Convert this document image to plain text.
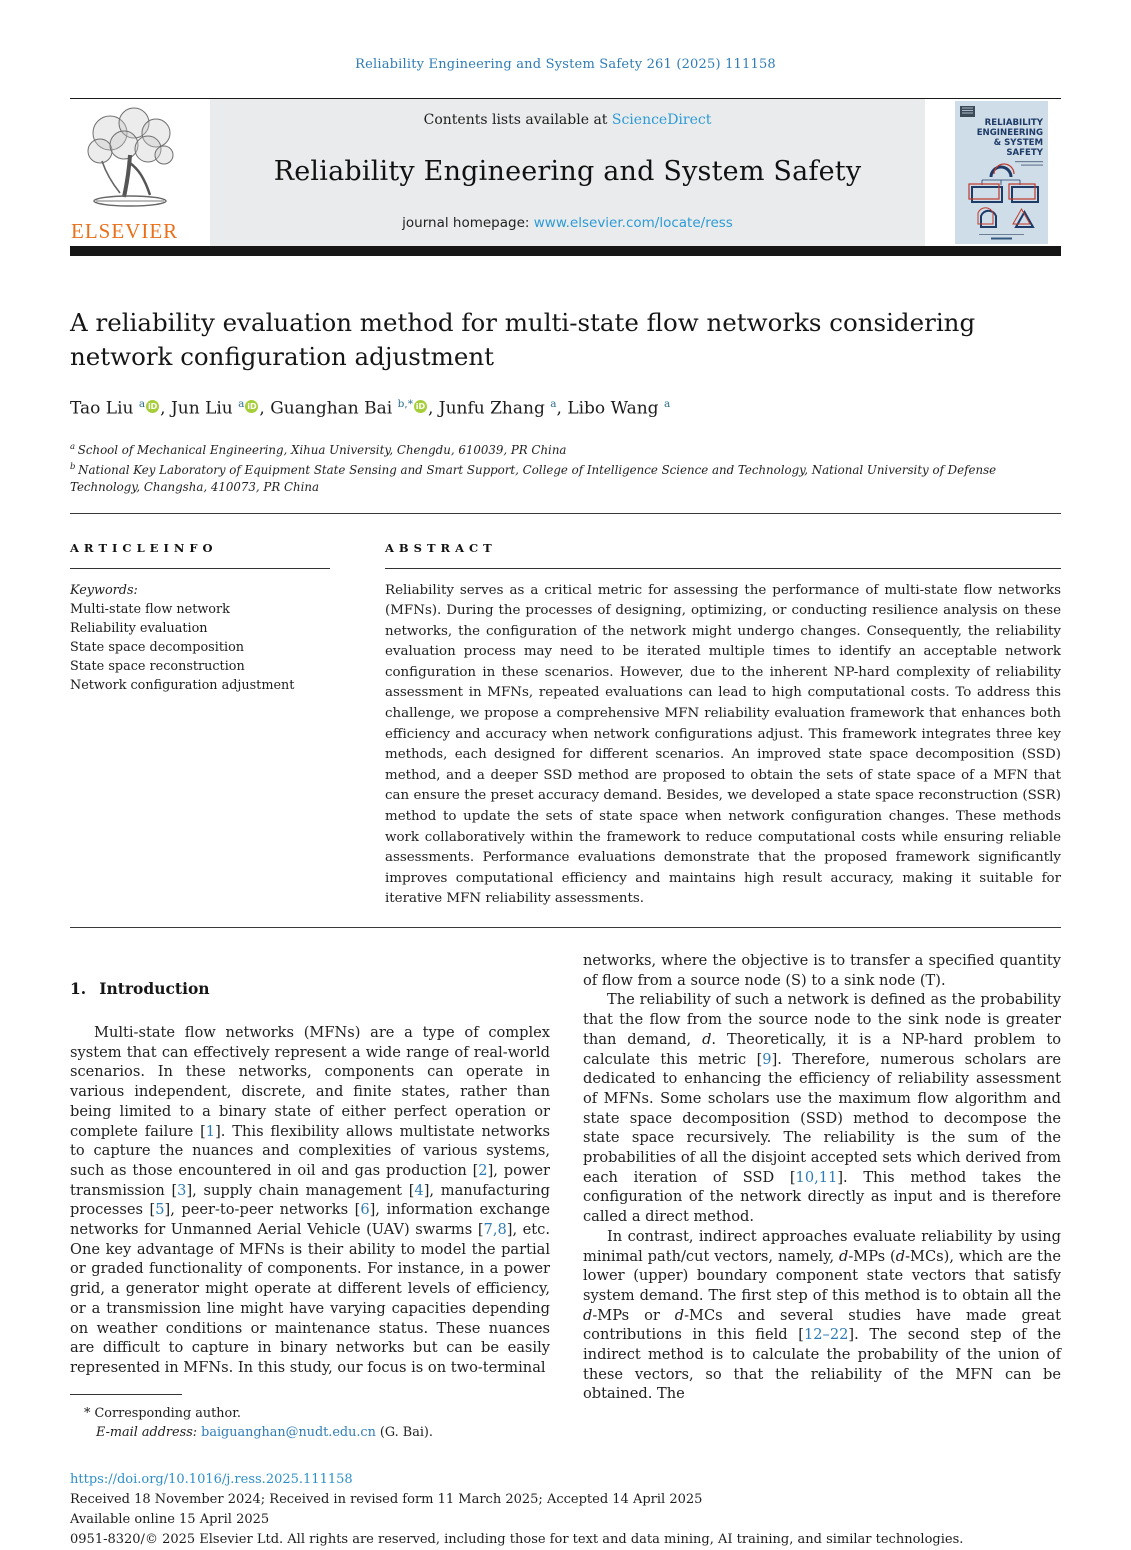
Reliability Engineering and System Safety 261 (2025) 111158
ELSEVIER
Contents lists available at ScienceDirect
Reliability Engineering and System Safety
journal homepage: www.elsevier.com/locate/ress
RELIABILITY
ENGINEERING
& SYSTEM
SAFETY
A reliability evaluation method for multi-state flow networks considering network configuration adjustment
Tao Liu $^a$ iD , Jun Liu $^a$ iD , Guanghan Bai $^{b,*}$ iD , Junfu Zhang $^a$, Libo Wang $^a$
$^a$ School of Mechanical Engineering, Xihua University, Chengdu, 610039, PR China
$^b$ National Key Laboratory of Equipment State Sensing and Smart Support, College of Intelligence Science and Technology, National University of Defense Technology, Changsha, 410073, PR China
A R T I C L E I N F O
Keywords:
Multi-state flow network
Reliability evaluation
State space decomposition
State space reconstruction
Network configuration adjustment
A B S T R A C T

Reliability serves as a critical metric for assessing the performance of multi-state flow networks (MFNs). During the processes of designing, optimizing, or conducting resilience analysis on these networks, the configuration of the network might undergo changes. Consequently, the reliability evaluation process may need to be iterated multiple times to identify an acceptable network configuration in these scenarios. However, due to the inherent NP-hard complexity of reliability assessment in MFNs, repeated evaluations can lead to high computational costs. To address this challenge, we propose a comprehensive MFN reliability evaluation framework that enhances both efficiency and accuracy when network configurations adjust. This framework integrates three key methods, each designed for different scenarios. An improved state space decomposition (SSD) method, and a deeper SSD method are proposed to obtain the sets of state space of a MFN that can ensure the preset accuracy demand. Besides, we developed a state space reconstruction (SSR) method to update the sets of state space when network configuration changes. These methods work collaboratively within the framework to reduce computational costs while ensuring reliable assessments. Performance evaluations demonstrate that the proposed framework significantly improves computational efficiency and maintains high result accuracy, making it suitable for iterative MFN reliability assessments.

1. Introduction

Multi-state flow networks (MFNs) are a type of complex system that can effectively represent a wide range of real-world scenarios. In these networks, components can operate in various independent, discrete, and finite states, rather than being limited to a binary state of either perfect operation or complete failure [1]. This flexibility allows multistate networks to capture the nuances and complexities of various systems, such as those encountered in oil and gas production [2], power transmission [3], supply chain management [4], manufacturing processes [5], peer-to-peer networks [6], information exchange networks for Unmanned Aerial Vehicle (UAV) swarms [7,8], etc. One key advantage of MFNs is their ability to model the partial or graded functionality of components. For instance, in a power grid, a generator might operate at different levels of efficiency, or a transmission line might have varying capacities depending on weather conditions or maintenance status. These nuances are difficult to capture in binary networks but can be easily represented in MFNs. In this study, our focus is on two-terminal

* Corresponding author.
E-mail address: baiguanghan@nudt.edu.cn (G. Bai).

networks, where the objective is to transfer a specified quantity of flow from a source node (S) to a sink node (T).

The reliability of such a network is defined as the probability that the flow from the source node to the sink node is greater than demand, d. Theoretically, it is a NP-hard problem to calculate this metric [9]. Therefore, numerous scholars are dedicated to enhancing the efficiency of reliability assessment of MFNs. Some scholars use the maximum flow algorithm and state space decomposition (SSD) method to decompose the state space recursively. The reliability is the sum of the probabilities of all the disjoint accepted sets which derived from each iteration of SSD [10,11]. This method takes the configuration of the network directly as input and is therefore called a direct method.

In contrast, indirect approaches evaluate reliability by using minimal path/cut vectors, namely, d-MPs (d-MCs), which are the lower (upper) boundary component state vectors that satisfy system demand. The first step of this method is to obtain all the d-MPs or d-MCs and several studies have made great contributions in this field [12–22]. The second step of the indirect method is to calculate the probability of the union of these vectors, so that the reliability of the MFN can be obtained. The

https://doi.org/10.1016/j.ress.2025.111158
Received 18 November 2024; Received in revised form 11 March 2025; Accepted 14 April 2025
Available online 15 April 2025
0951-8320/© 2025 Elsevier Ltd. All rights are reserved, including those for text and data mining, AI training, and similar technologies.
